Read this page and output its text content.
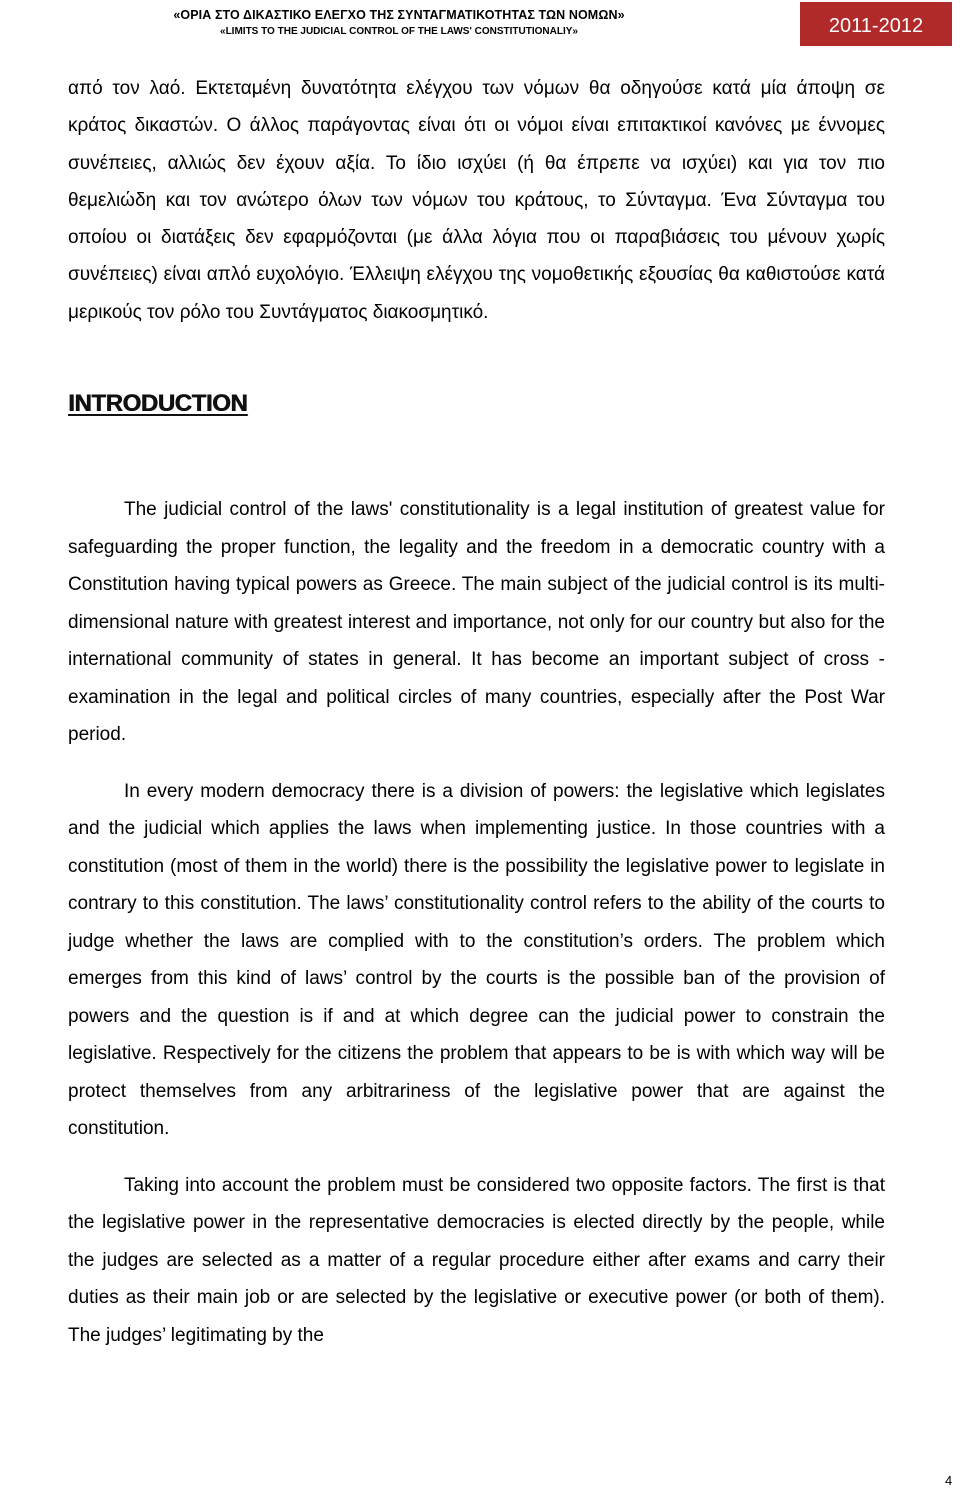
«ΟΡΙΑ ΣΤΟ ΔΙΚΑΣΤΙΚΟ ΕΛΕΓΧΟ ΤΗΣ ΣΥΝΤΑΓΜΑΤΙΚΟΤΗΤΑΣ ΤΩΝ ΝΟΜΩΝ»
«LIMITS TO THE JUDICIAL CONTROL OF THE LAWS' CONSTITUTIONALIY»	2011-2012

από τον λαό. Εκτεταμένη δυνατότητα ελέγχου των νόμων θα οδηγούσε κατά μία άποψη σε κράτος δικαστών. Ο άλλος παράγοντας είναι ότι οι νόμοι είναι επιτακτικοί κανόνες με έννομες συνέπειες, αλλιώς δεν έχουν αξία. Το ίδιο ισχύει (ή θα έπρεπε να ισχύει) και για τον πιο θεμελιώδη και τον ανώτερο όλων των νόμων του κράτους, το Σύνταγμα. Ένα Σύνταγμα του οποίου οι διατάξεις δεν εφαρμόζονται (με άλλα λόγια που οι παραβιάσεις του μένουν χωρίς συνέπειες) είναι απλό ευχολόγιο. Έλλειψη ελέγχου της νομοθετικής εξουσίας θα καθιστούσε κατά μερικούς τον ρόλο του Συντάγματος διακοσμητικό.

INTRODUCTION

The judicial control of the laws' constitutionality is a legal institution of greatest value for safeguarding the proper function, the legality and the freedom in a democratic country with a Constitution having typical powers as Greece. The main subject of the judicial control is its multi-dimensional nature with greatest interest and importance, not only for our country but also for the international community of states in general. It has become an important subject of cross -examination in the legal and political circles of many countries, especially after the Post War period.

In every modern democracy there is a division of powers: the legislative which legislates and the judicial which applies the laws when implementing justice. In those countries with a constitution (most of them in the world) there is the possibility the legislative power to legislate in contrary to this constitution. The laws’ constitutionality control refers to the ability of the courts to judge whether the laws are complied with to the constitution’s orders. The problem which emerges from this kind of laws’ control by the courts is the possible ban of the provision of powers and the question is if and at which degree can the judicial power to constrain the legislative. Respectively for the citizens the problem that appears to be is with which way will be protect themselves from any arbitrariness of the legislative power that are against the constitution.

Taking into account the problem must be considered two opposite factors. The first is that the legislative power in the representative democracies is elected directly by the people, while the judges are selected as a matter of a regular procedure either after exams and carry their duties as their main job or are selected by the legislative or executive power (or both of them). The judges’ legitimating by the

4
